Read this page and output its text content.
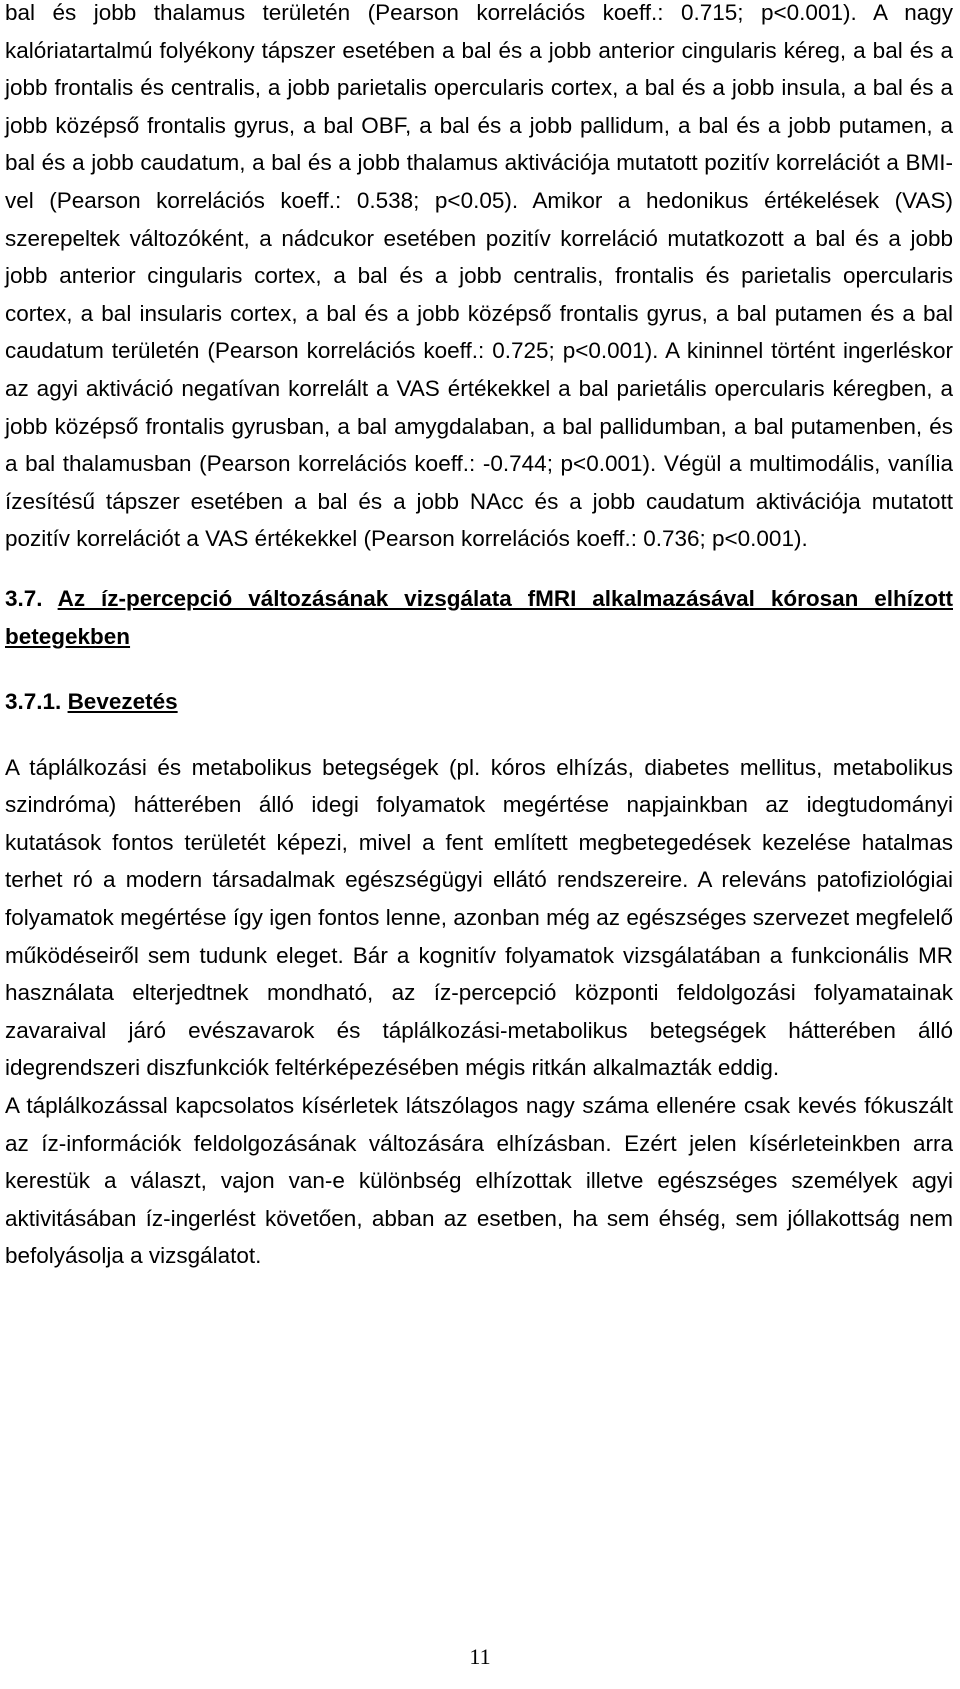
bal és jobb thalamus területén (Pearson korrelációs koeff.: 0.715; p<0.001). A nagy kalóriatartalmú folyékony tápszer esetében a bal és a jobb anterior cingularis kéreg, a bal és a jobb frontalis és centralis, a jobb parietalis opercularis cortex, a bal és a jobb insula, a bal és a jobb középső frontalis gyrus, a bal OBF, a bal és a jobb pallidum, a bal és a jobb putamen, a bal és a jobb caudatum, a bal és a jobb thalamus aktivációja mutatott pozitív korrelációt a BMI-vel (Pearson korrelációs koeff.: 0.538; p<0.05). Amikor a hedonikus értékelések (VAS) szerepeltek változóként, a nádcukor esetében pozitív korreláció mutatkozott a bal és a jobb jobb anterior cingularis cortex, a bal és a jobb centralis, frontalis és parietalis opercularis cortex, a bal insularis cortex, a bal és a jobb középső frontalis gyrus, a bal putamen és a bal caudatum területén (Pearson korrelációs koeff.: 0.725; p<0.001). A kininnel történt ingerléskor az agyi aktiváció negatívan korrelált a VAS értékekkel a bal parietális opercularis kéregben, a jobb középső frontalis gyrusban, a bal amygdalaban, a bal pallidumban, a bal putamenben, és a bal thalamusban (Pearson korrelációs koeff.: -0.744; p<0.001). Végül a multimodális, vanília ízesítésű tápszer esetében a bal és a jobb NAcc és a jobb caudatum aktivációja mutatott pozitív korrelációt a VAS értékekkel (Pearson korrelációs koeff.: 0.736; p<0.001).

3.7. Az íz-percepció változásának vizsgálata fMRI alkalmazásával kórosan elhízott betegekben

3.7.1. Bevezetés

A táplálkozási és metabolikus betegségek (pl. kóros elhízás, diabetes mellitus, metabolikus szindróma) hátterében álló idegi folyamatok megértése napjainkban az idegtudományi kutatások fontos területét képezi, mivel a fent említett megbetegedések kezelése hatalmas terhet ró a modern társadalmak egészségügyi ellátó rendszereire. A releváns patofiziológiai folyamatok megértése így igen fontos lenne, azonban még az egészséges szervezet megfelelő működéseiről sem tudunk eleget. Bár a kognitív folyamatok vizsgálatában a funkcionális MR használata elterjedtnek mondható, az íz-percepció központi feldolgozási folyamatainak zavaraival járó evészavarok és táplálkozási-metabolikus betegségek hátterében álló idegrendszeri diszfunkciók feltérképezésében mégis ritkán alkalmazták eddig.

A táplálkozással kapcsolatos kísérletek látszólagos nagy száma ellenére csak kevés fókuszált az íz-információk feldolgozásának változására elhízásban. Ezért jelen kísérleteinkben arra kerestük a választ, vajon van-e különbség elhízottak illetve egészséges személyek agyi aktivitásában íz-ingerlést követően, abban az esetben, ha sem éhség, sem jóllakottság nem befolyásolja a vizsgálatot.

11
